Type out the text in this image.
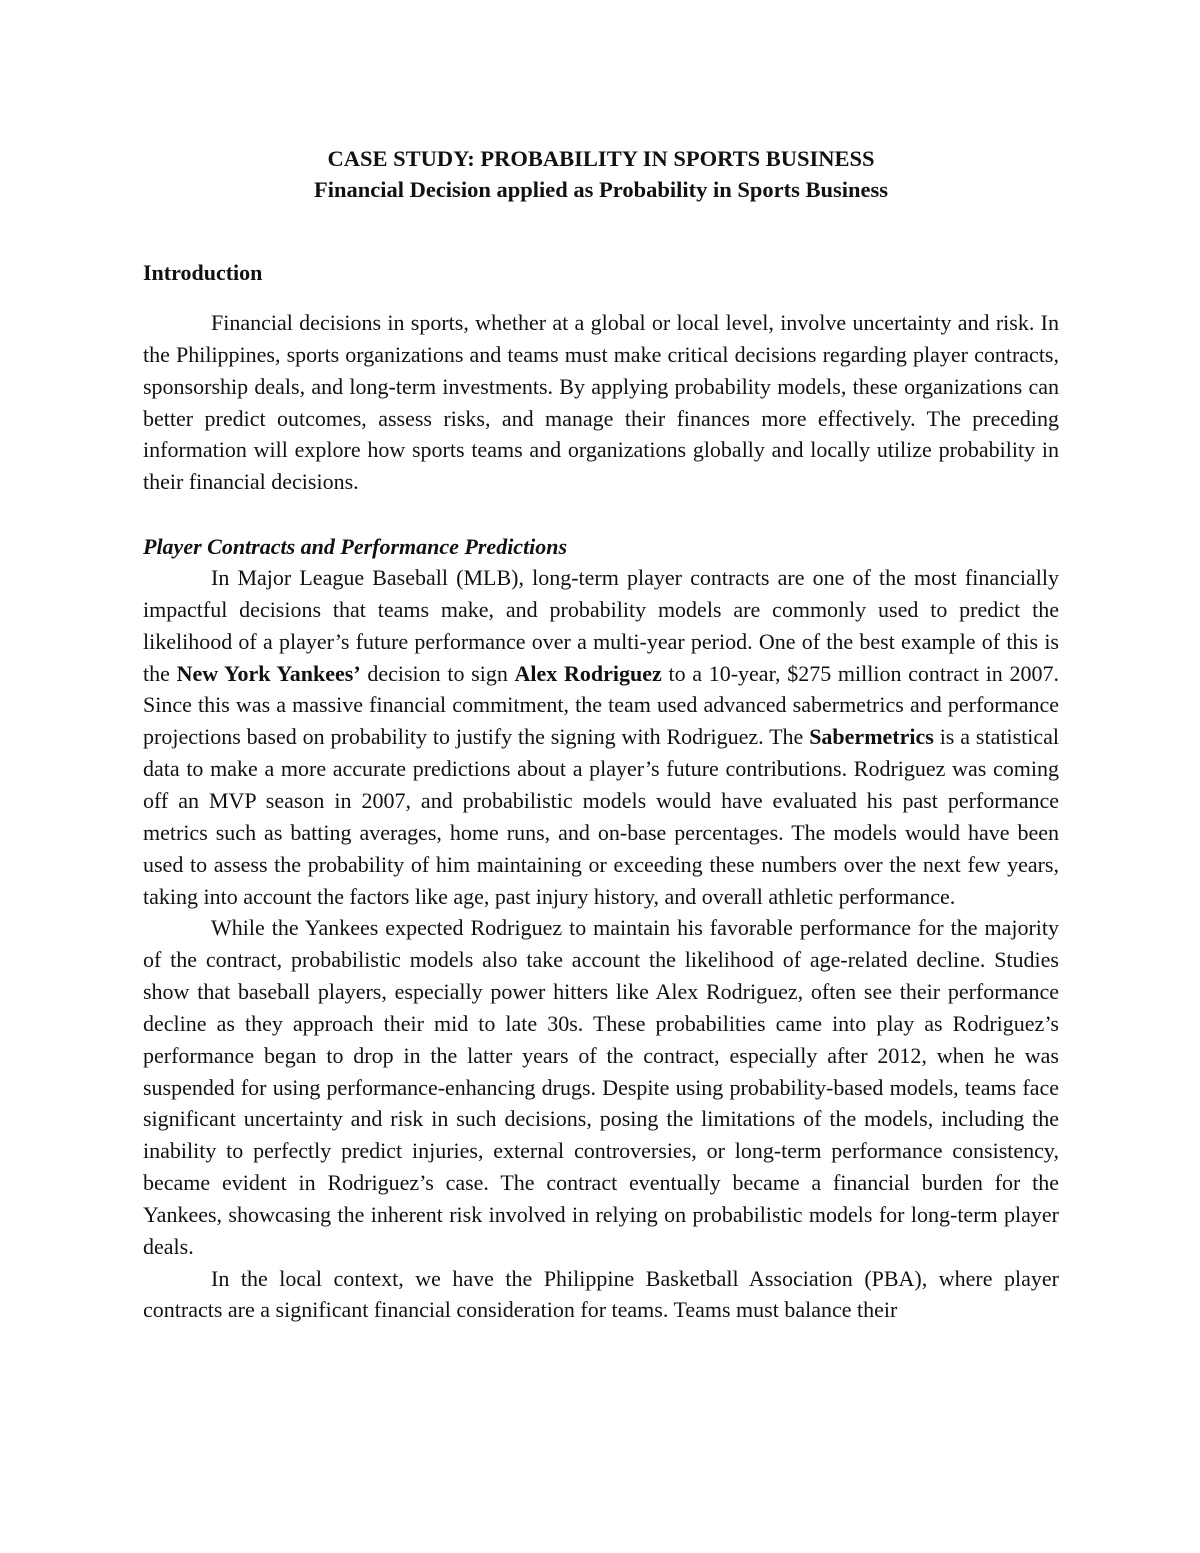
CASE STUDY: PROBABILITY IN SPORTS BUSINESS
Financial Decision applied as Probability in Sports Business
Introduction

Financial decisions in sports, whether at a global or local level, involve uncertainty and risk. In the Philippines, sports organizations and teams must make critical decisions regarding player contracts, sponsorship deals, and long-term investments. By applying probability models, these organizations can better predict outcomes, assess risks, and manage their finances more effectively. The preceding information will explore how sports teams and organizations globally and locally utilize probability in their financial decisions.

Player Contracts and Performance Predictions

In Major League Baseball (MLB), long-term player contracts are one of the most financially impactful decisions that teams make, and probability models are commonly used to predict the likelihood of a player’s future performance over a multi-year period. One of the best example of this is the New York Yankees’ decision to sign Alex Rodriguez to a 10-year, $275 million contract in 2007. Since this was a massive financial commitment, the team used advanced sabermetrics and performance projections based on probability to justify the signing with Rodriguez. The Sabermetrics is a statistical data to make a more accurate predictions about a player’s future contributions. Rodriguez was coming off an MVP season in 2007, and probabilistic models would have evaluated his past performance metrics such as batting averages, home runs, and on-base percentages. The models would have been used to assess the probability of him maintaining or exceeding these numbers over the next few years, taking into account the factors like age, past injury history, and overall athletic performance.

While the Yankees expected Rodriguez to maintain his favorable performance for the majority of the contract, probabilistic models also take account the likelihood of age-related decline. Studies show that baseball players, especially power hitters like Alex Rodriguez, often see their performance decline as they approach their mid to late 30s. These probabilities came into play as Rodriguez’s performance began to drop in the latter years of the contract, especially after 2012, when he was suspended for using performance-enhancing drugs. Despite using probability-based models, teams face significant uncertainty and risk in such decisions, posing the limitations of the models, including the inability to perfectly predict injuries, external controversies, or long-term performance consistency, became evident in Rodriguez’s case. The contract eventually became a financial burden for the Yankees, showcasing the inherent risk involved in relying on probabilistic models for long-term player deals.

In the local context, we have the Philippine Basketball Association (PBA), where player contracts are a significant financial consideration for teams. Teams must balance their
